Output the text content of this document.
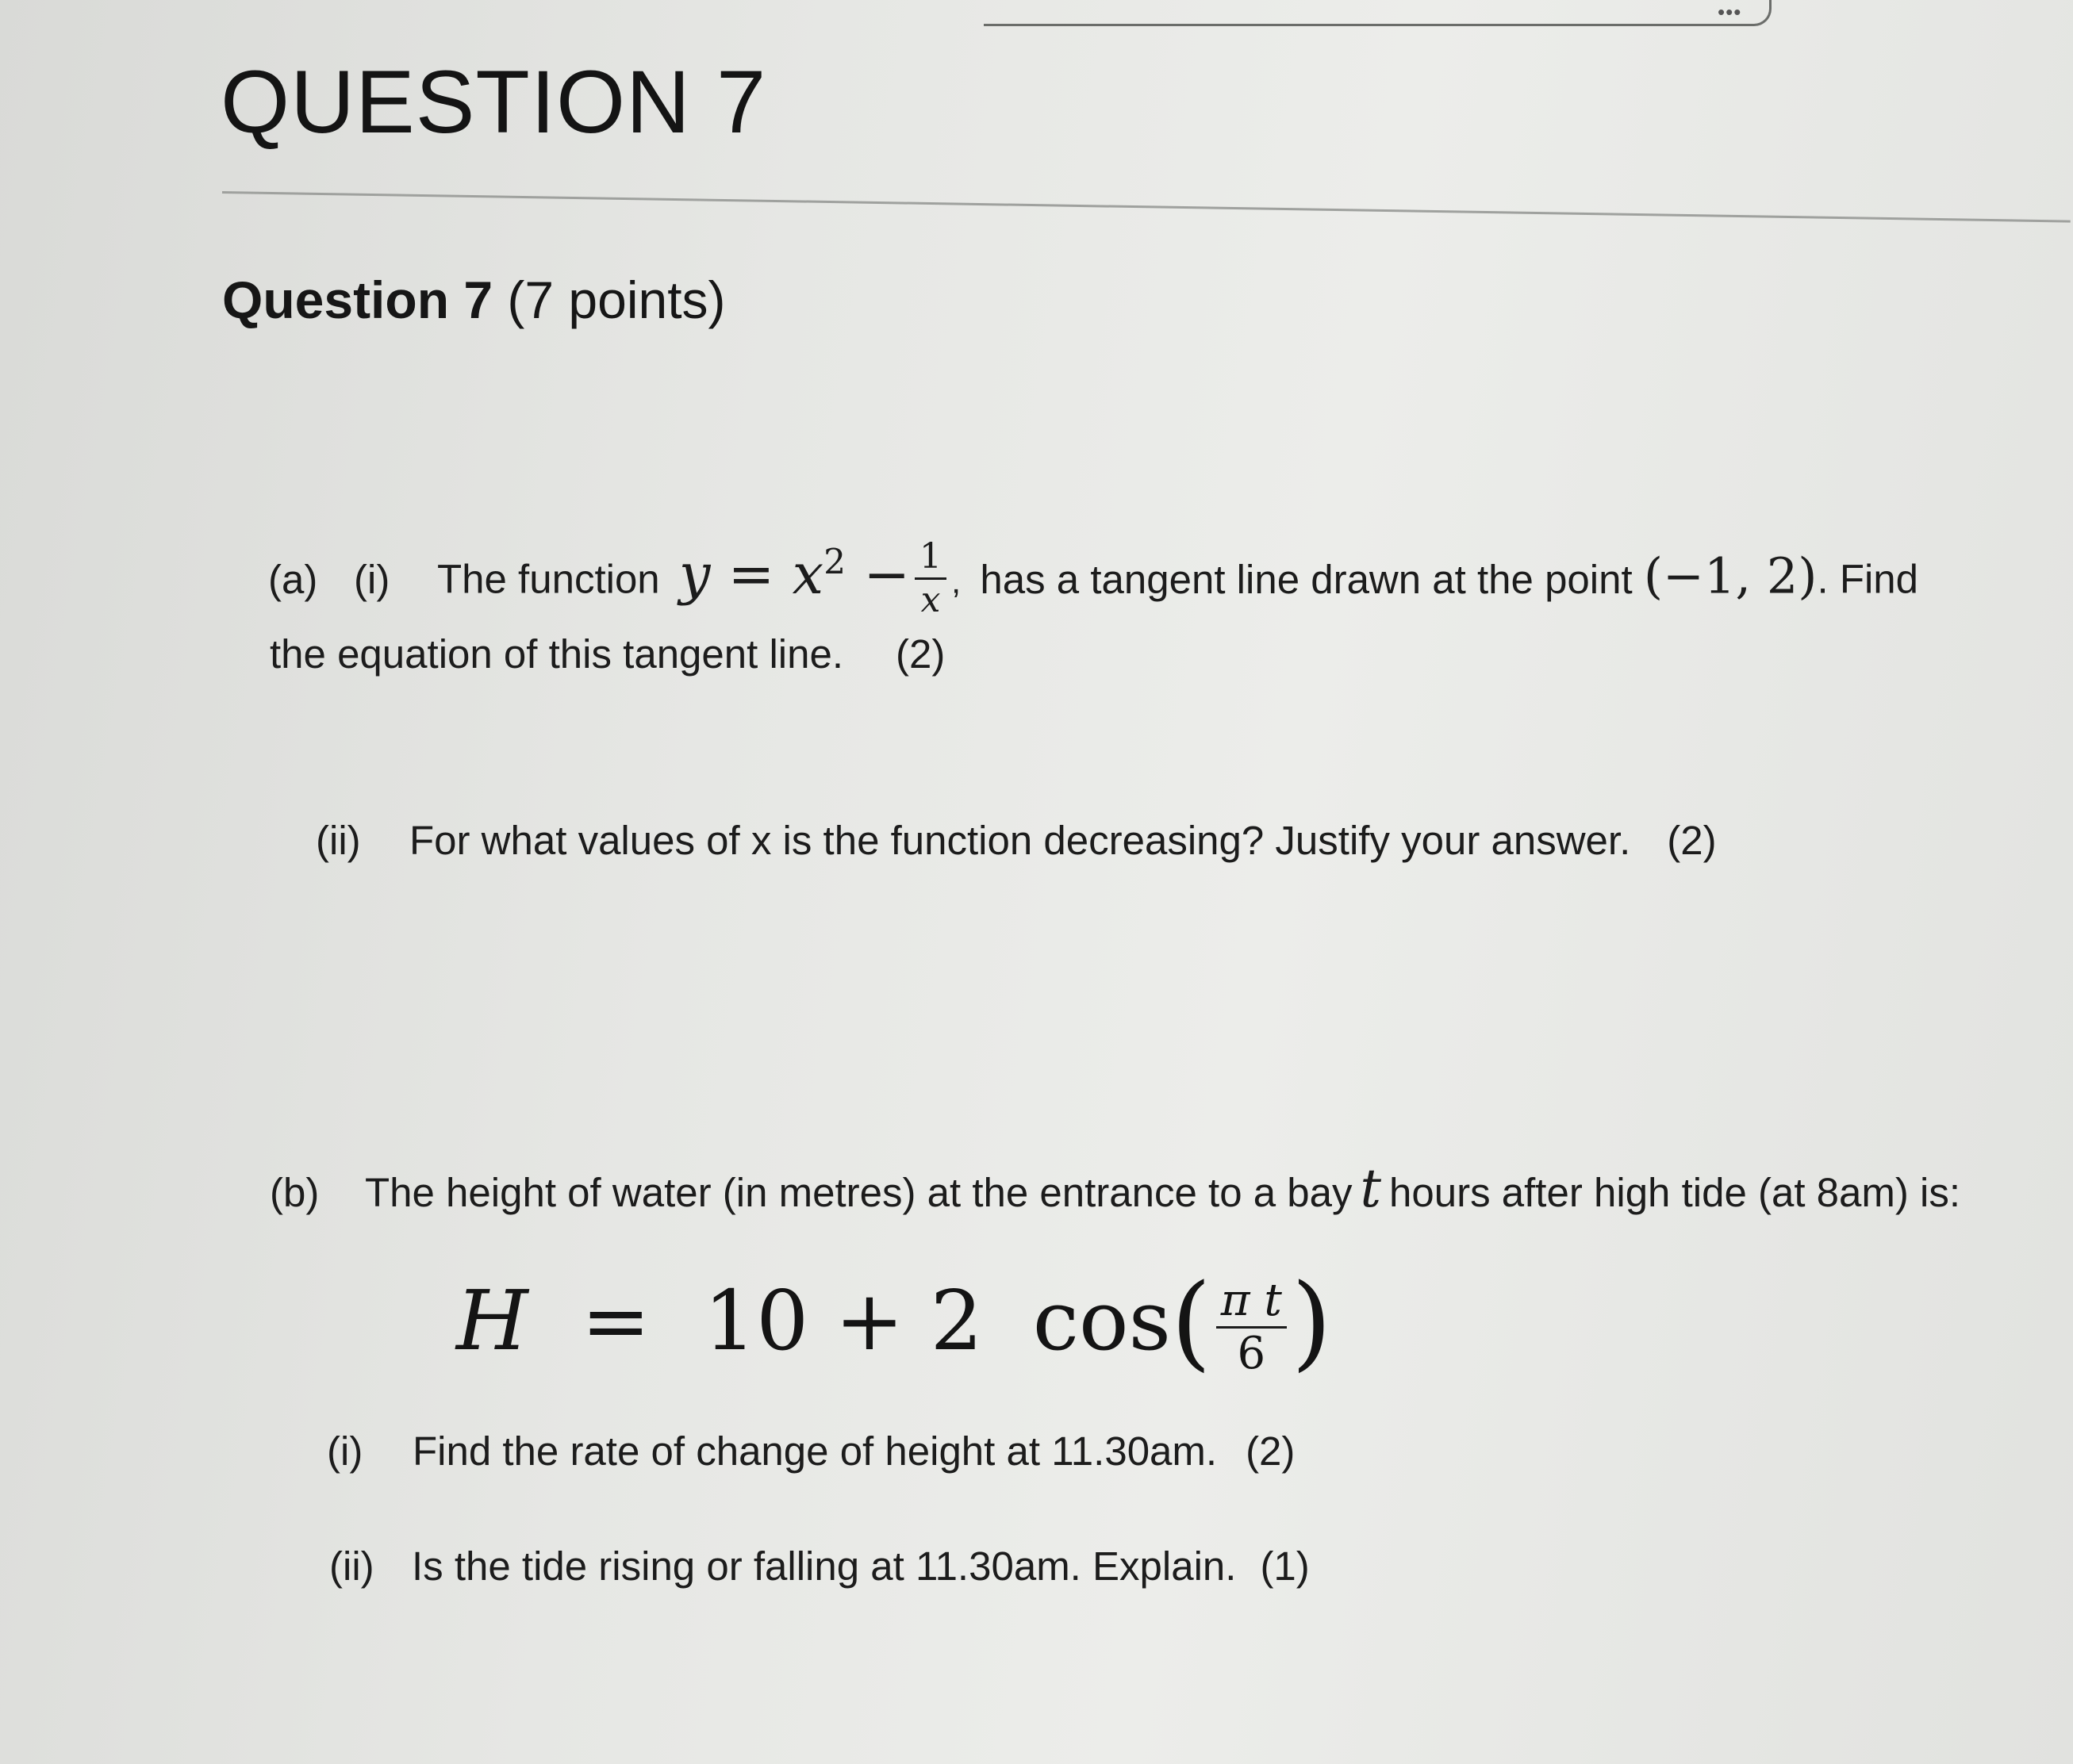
•••
QUESTION 7
Question 7 (7 points)
(a) (i) The function $y = x^2 - \frac{1}{x}$ , has a tangent line drawn at the point (−1, 2). Find
the equation of this tangent line. (2)
(ii) For what values of x is the function decreasing? Justify your answer. (2)
(b) The height of water (in metres) at the entrance to a bay t hours after high tide (at 8am) is:
H = 10 + 2 $\cos( \frac{\text{π t}}{6}$ )
(i) Find the rate of change of height at 11.30am. (2)
(ii) Is the tide rising or falling at 11.30am. Explain. (1)
